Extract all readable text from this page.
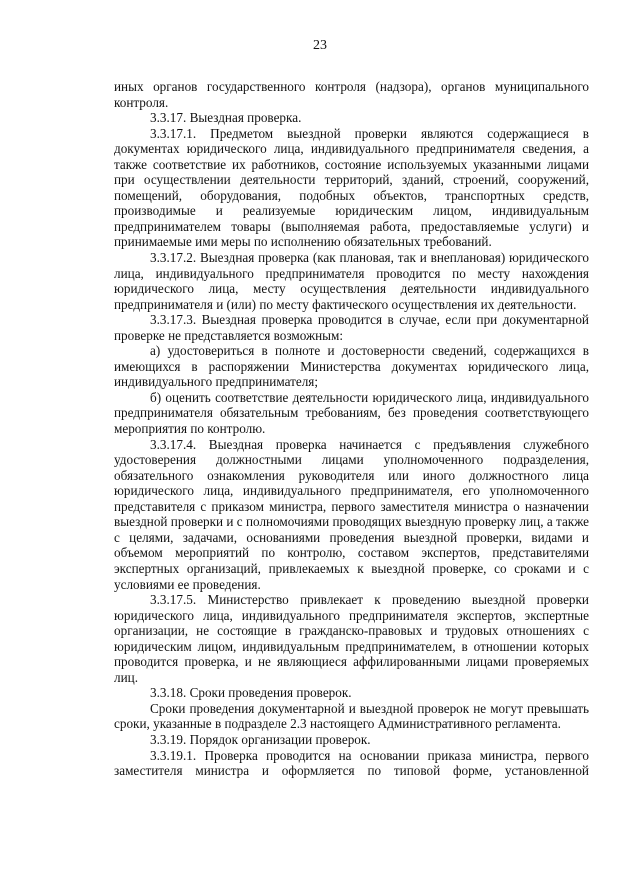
23

иных органов государственного контроля (надзора), органов муниципального контроля.

3.3.17. Выездная проверка.

3.3.17.1. Предметом выездной проверки являются содержащиеся в документах юридического лица, индивидуального предпринимателя сведения, а также соответствие их работников, состояние используемых указанными лицами при осуществлении деятельности территорий, зданий, строений, сооружений, помещений, оборудования, подобных объектов, транспортных средств, производимые и реализуемые юридическим лицом, индивидуальным предпринимателем товары (выполняемая работа, предоставляемые услуги) и принимаемые ими меры по исполнению обязательных требований.

3.3.17.2. Выездная проверка (как плановая, так и внеплановая) юридического лица, индивидуального предпринимателя проводится по месту нахождения юридического лица, месту осуществления деятельности индивидуального предпринимателя и (или) по месту фактического осуществления их деятельности.

3.3.17.3. Выездная проверка проводится в случае, если при документарной проверке не представляется возможным:

а) удостовериться в полноте и достоверности сведений, содержащихся в имеющихся в распоряжении Министерства документах юридического лица, индивидуального предпринимателя;

б) оценить соответствие деятельности юридического лица, индивидуального предпринимателя обязательным требованиям, без проведения соответствующего мероприятия по контролю.

3.3.17.4. Выездная проверка начинается с предъявления служебного удостоверения должностными лицами уполномоченного подразделения, обязательного ознакомления руководителя или иного должностного лица юридического лица, индивидуального предпринимателя, его уполномоченного представителя с приказом министра, первого заместителя министра о назначении выездной проверки и с полномочиями проводящих выездную проверку лиц, а также с целями, задачами, основаниями проведения выездной проверки, видами и объемом мероприятий по контролю, составом экспертов, представителями экспертных организаций, привлекаемых к выездной проверке, со сроками и с условиями ее проведения.

3.3.17.5. Министерство привлекает к проведению выездной проверки юридического лица, индивидуального предпринимателя экспертов, экспертные организации, не состоящие в гражданско-правовых и трудовых отношениях с юридическим лицом, индивидуальным предпринимателем, в отношении которых проводится проверка, и не являющиеся аффилированными лицами проверяемых лиц.

3.3.18. Сроки проведения проверок.

Сроки проведения документарной и выездной проверок не могут превышать сроки, указанные в подразделе 2.3 настоящего Административного регламента.

3.3.19. Порядок организации проверок.

3.3.19.1. Проверка проводится на основании приказа министра, первого заместителя министра и оформляется по типовой форме, установленной
